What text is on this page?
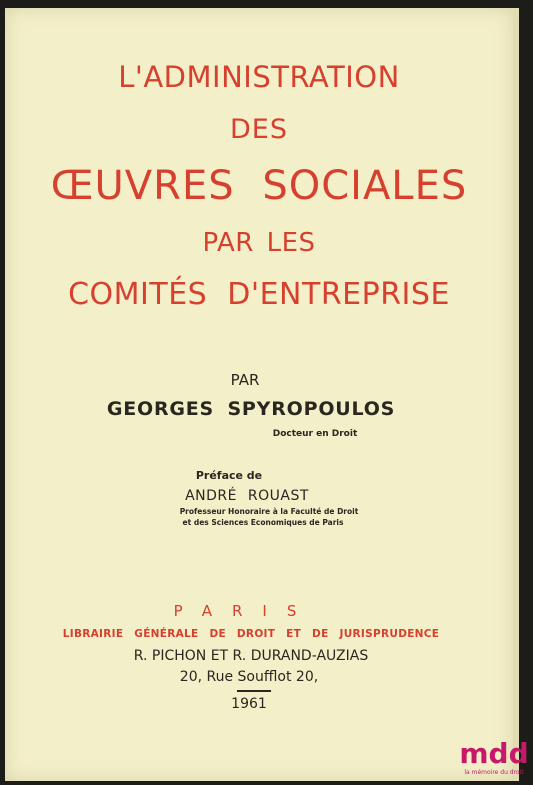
L'ADMINISTRATION
DES
ŒUVRES SOCIALES
PAR LES
COMITÉS D'ENTREPRISE
PAR
GEORGES SPYROPOULOS
Docteur en Droit
Préface de
ANDRÉ ROUAST
Professeur Honoraire à la Faculté de Droit
et des Sciences Economiques de Paris
PARIS
LIBRAIRIE GÉNÉRALE DE DROIT ET DE JURISPRUDENCE
R. PICHON ET R. DURAND-AUZIAS
20, Rue Soufflot 20,
1961
mdd
la mémoire du droit
